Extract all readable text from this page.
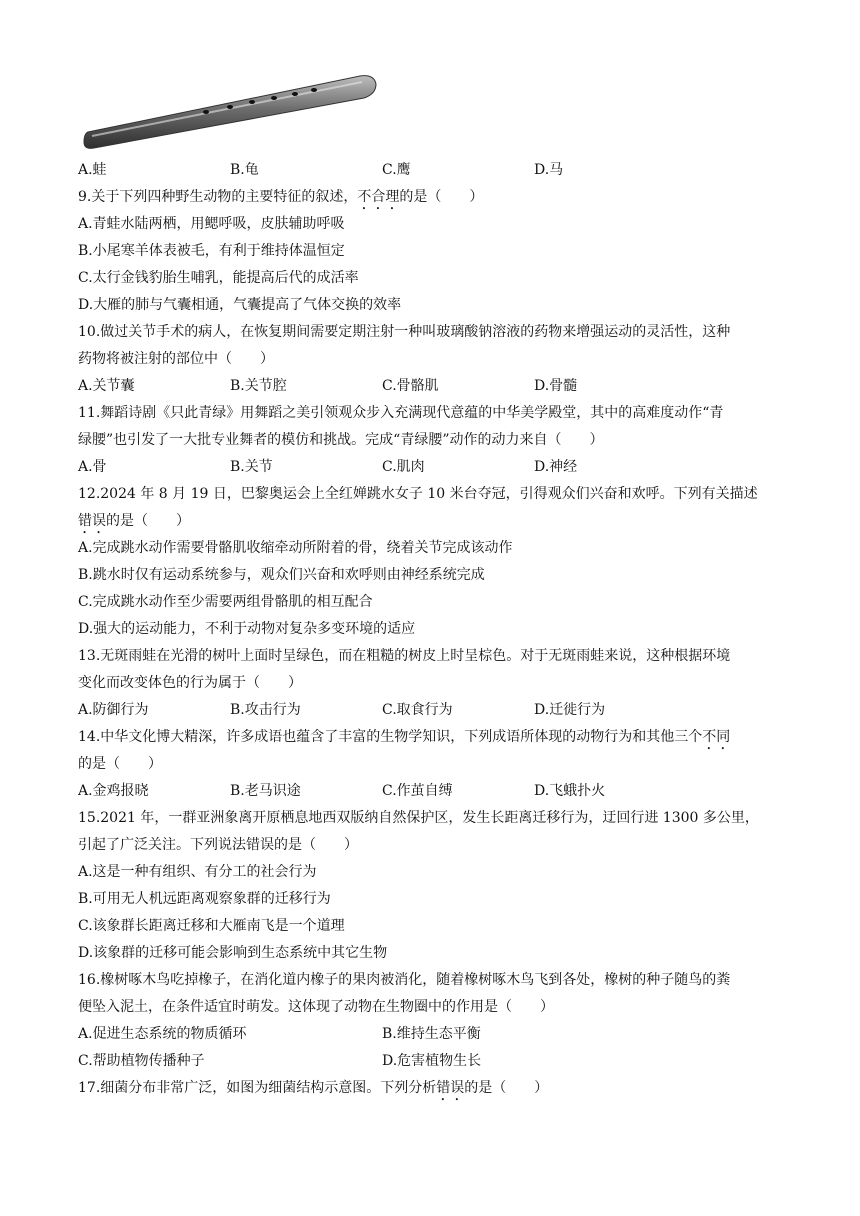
A.蛙	B.龟	C.鹰	D.马
9.关于下列四种野生动物的主要特征的叙述，不合理的是（　　）
A.青蛙水陆两栖，用鳃呼吸，皮肤辅助呼吸
B.小尾寒羊体表被毛，有利于维持体温恒定
C.太行金钱豹胎生哺乳，能提高后代的成活率
D.大雁的肺与气囊相通，气囊提高了气体交换的效率
10.做过关节手术的病人，在恢复期间需要定期注射一种叫玻璃酸钠溶液的药物来增强运动的灵活性，这种
药物将被注射的部位中（　　）
A.关节囊	B.关节腔	C.骨骼肌	D.骨髓
11.舞蹈诗剧《只此青绿》用舞蹈之美引领观众步入充满现代意蕴的中华美学殿堂，其中的高难度动作“青
绿腰”也引发了一大批专业舞者的模仿和挑战。完成“青绿腰”动作的动力来自（　　）
A.骨	B.关节	C.肌肉	D.神经
12.2024 年 8 月 19 日，巴黎奥运会上全红婵跳水女子 10 米台夺冠，引得观众们兴奋和欢呼。下列有关描述
错误的是（　　）
A.完成跳水动作需要骨骼肌收缩牵动所附着的骨，绕着关节完成该动作
B.跳水时仅有运动系统参与，观众们兴奋和欢呼则由神经系统完成
C.完成跳水动作至少需要两组骨骼肌的相互配合
D.强大的运动能力，不利于动物对复杂多变环境的适应
13.无斑雨蛙在光滑的树叶上面时呈绿色，而在粗糙的树皮上时呈棕色。对于无斑雨蛙来说，这种根据环境
变化而改变体色的行为属于（　　）
A.防御行为	B.攻击行为	C.取食行为	D.迁徙行为
14.中华文化博大精深，许多成语也蕴含了丰富的生物学知识，下列成语所体现的动物行为和其他三个不同
的是（　　）
A.金鸡报晓	B.老马识途	C.作茧自缚	D.飞蛾扑火
15.2021 年，一群亚洲象离开原栖息地西双版纳自然保护区，发生长距离迁移行为，迂回行进 1300 多公里，
引起了广泛关注。下列说法错误的是（　　）
A.这是一种有组织、有分工的社会行为
B.可用无人机远距离观察象群的迁移行为
C.该象群长距离迁移和大雁南飞是一个道理
D.该象群的迁移可能会影响到生态系统中其它生物
16.橡树啄木鸟吃掉橡子，在消化道内橡子的果肉被消化，随着橡树啄木鸟飞到各处，橡树的种子随鸟的粪
便坠入泥土，在条件适宜时萌发。这体现了动物在生物圈中的作用是（　　）
A.促进生态系统的物质循环	B.维持生态平衡
C.帮助植物传播种子	D.危害植物生长
17.细菌分布非常广泛，如图为细菌结构示意图。下列分析错误的是（　　）
